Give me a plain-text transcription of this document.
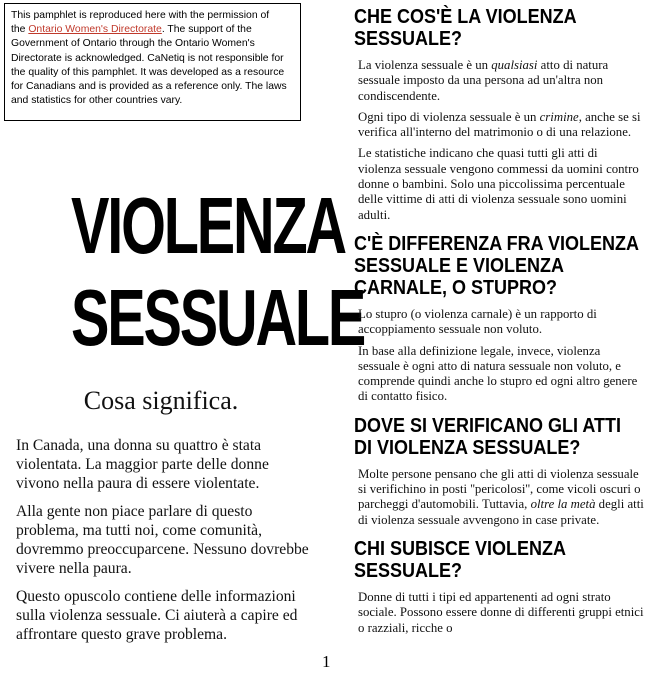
This pamphlet is reproduced here with the permission of
the Ontario Women's Directorate. The support of the Government of Ontario through the Ontario Women's Directorate is acknowledged. CaNetiq is not responsible for the quality of this pamphlet. It was developed as a resource for Canadians and is provided as a reference only. The laws and statistics for other countries vary.
VIOLENZA
SESSUALE
Cosa significa.

In Canada, una donna su quattro è stata violentata. La maggior parte delle donne vivono nella paura di essere violentate.

Alla gente non piace parlare di questo problema, ma tutti noi, come comunità, dovremmo preoccuparcene. Nessuno dovrebbe vivere nella paura.

Questo opuscolo contiene delle informazioni sulla violenza sessuale. Ci aiuterà a capire ed affrontare questo grave problema.

CHE COS'È LA VIOLENZA SESSUALE?

La violenza sessuale è un qualsiasi atto di natura sessuale imposto da una persona ad un'altra non condiscendente.

Ogni tipo di violenza sessuale è un crimine, anche se si verifica all'interno del matrimonio o di una relazione.

Le statistiche indicano che quasi tutti gli atti di violenza sessuale vengono commessi da uomini contro donne o bambini. Solo una piccolissima percentuale delle vittime di atti di violenza sessuale sono uomini adulti.

C'È DIFFERENZA FRA VIOLENZA SESSUALE E VIOLENZA CARNALE, O STUPRO?

Lo stupro (o violenza carnale) è un rapporto di accoppiamento sessuale non voluto.

In base alla definizione legale, invece, violenza sessuale è ogni atto di natura sessuale non voluto, e comprende quindi anche lo stupro ed ogni altro genere di contatto fisico.

DOVE SI VERIFICANO GLI ATTI DI VIOLENZA SESSUALE?

Molte persone pensano che gli atti di violenza sessuale si verifichino in posti ''pericolosi'', come vicoli oscuri o parcheggi d'automobili. Tuttavia, oltre la metà degli atti di violenza sessuale avvengono in case private.

CHI SUBISCE VIOLENZA SESSUALE?

Donne di tutti i tipi ed appartenenti ad ogni strato sociale. Possono essere donne di differenti gruppi etnici o razziali, ricche o

1
